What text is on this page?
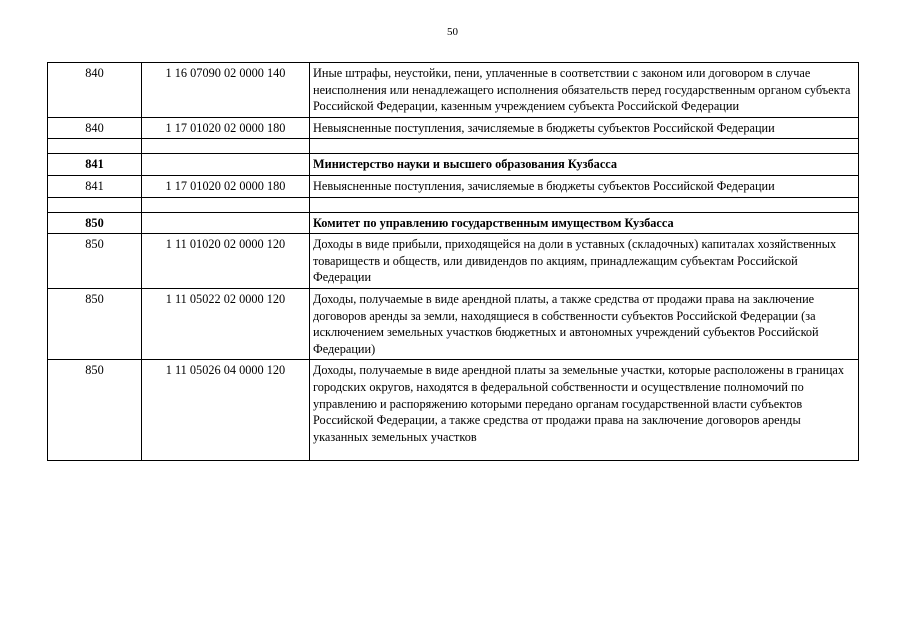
50
840	1 16 07090 02 0000 140	Иные штрафы, неустойки, пени, уплаченные в соответствии с законом или договором в случае неисполнения или ненадлежащего исполнения обязательств перед государственным органом субъекта Российской Федерации, казенным учреждением субъекта Российской Федерации
840	1 17 01020 02 0000 180	Невыясненные поступления, зачисляемые в бюджеты субъектов Российской Федерации

841		Министерство науки и высшего образования Кузбасса
841	1 17 01020 02 0000 180	Невыясненные поступления, зачисляемые в бюджеты субъектов Российской Федерации

850		Комитет по управлению государственным имуществом Кузбасса
850	1 11 01020 02 0000 120	Доходы в виде прибыли, приходящейся на доли в уставных (складочных) капиталах хозяйственных товариществ и обществ, или дивидендов по акциям, принадлежащим субъектам Российской Федерации
850	1 11 05022 02 0000 120	Доходы, получаемые в виде арендной платы, а также средства от продажи права на заключение договоров аренды за земли, находящиеся в собственности субъектов Российской Федерации (за исключением земельных участков бюджетных и автономных учреждений субъектов Российской Федерации)
850	1 11 05026 04 0000 120	Доходы, получаемые в виде арендной платы за земельные участки, которые расположены в границах городских округов, находятся в федеральной собственности и осуществление полномочий по управлению и распоряжению которыми передано органам государственной власти субъектов Российской Федерации, а также средства от продажи права на заключение договоров аренды указанных земельных участков
